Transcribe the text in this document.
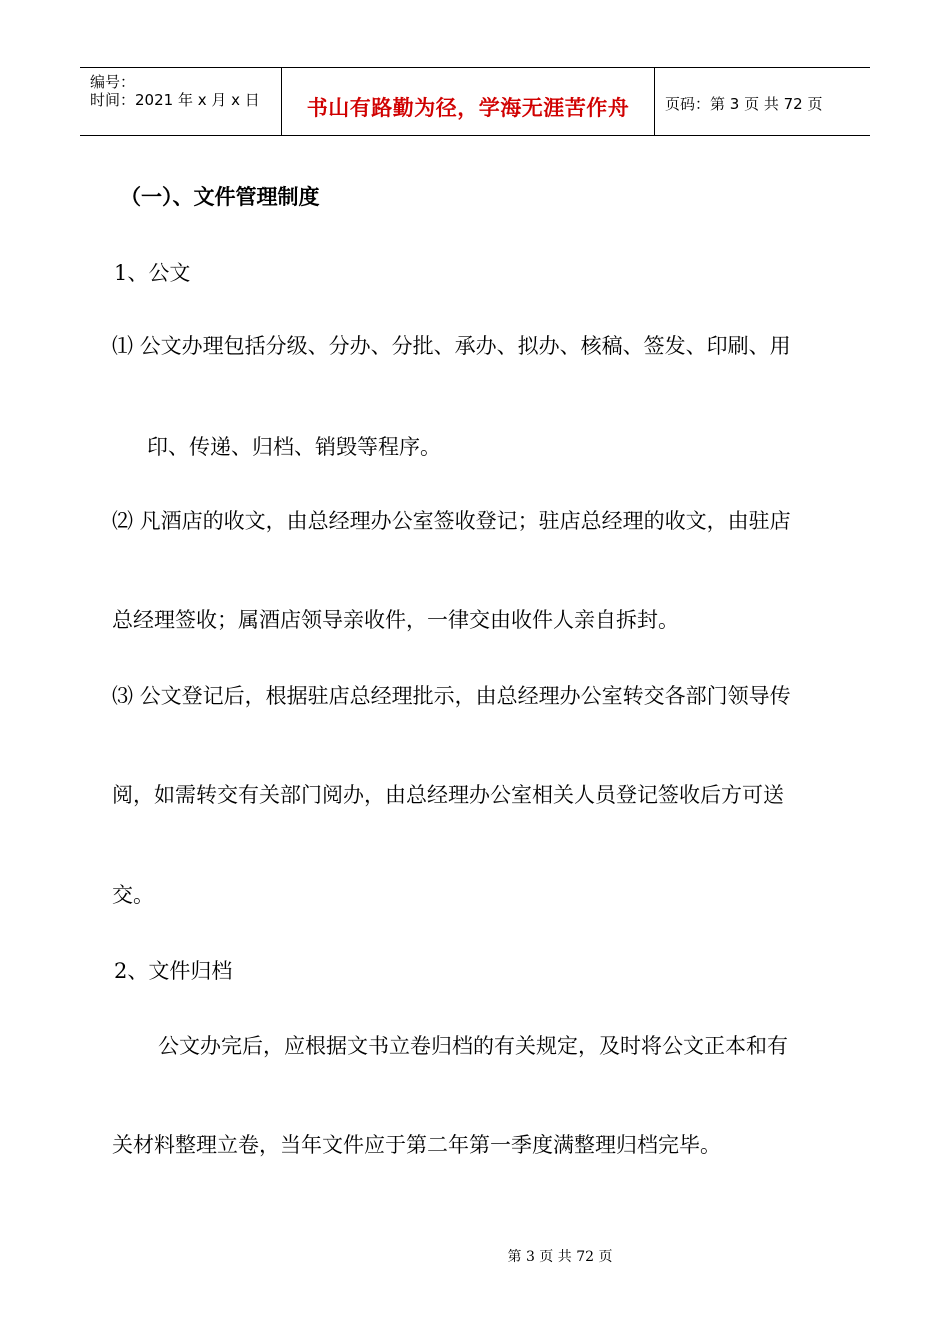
编号：
时间：2021 年 x 月 x 日	书山有路勤为径，学海无涯苦作舟	页码：第 3 页 共 72 页
（一）、文件管理制度
1、公文
⑴ 公文办理包括分级、分办、分批、承办、拟办、核稿、签发、印刷、用
印、传递、归档、销毁等程序。
⑵ 凡酒店的收文，由总经理办公室签收登记；驻店总经理的收文，由驻店
总经理签收；属酒店领导亲收件，一律交由收件人亲自拆封。
⑶ 公文登记后，根据驻店总经理批示，由总经理办公室转交各部门领导传
阅，如需转交有关部门阅办，由总经理办公室相关人员登记签收后方可送
交。
2、文件归档
公文办完后，应根据文书立卷归档的有关规定，及时将公文正本和有
关材料整理立卷，当年文件应于第二年第一季度满整理归档完毕。
第 3 页 共 72 页
